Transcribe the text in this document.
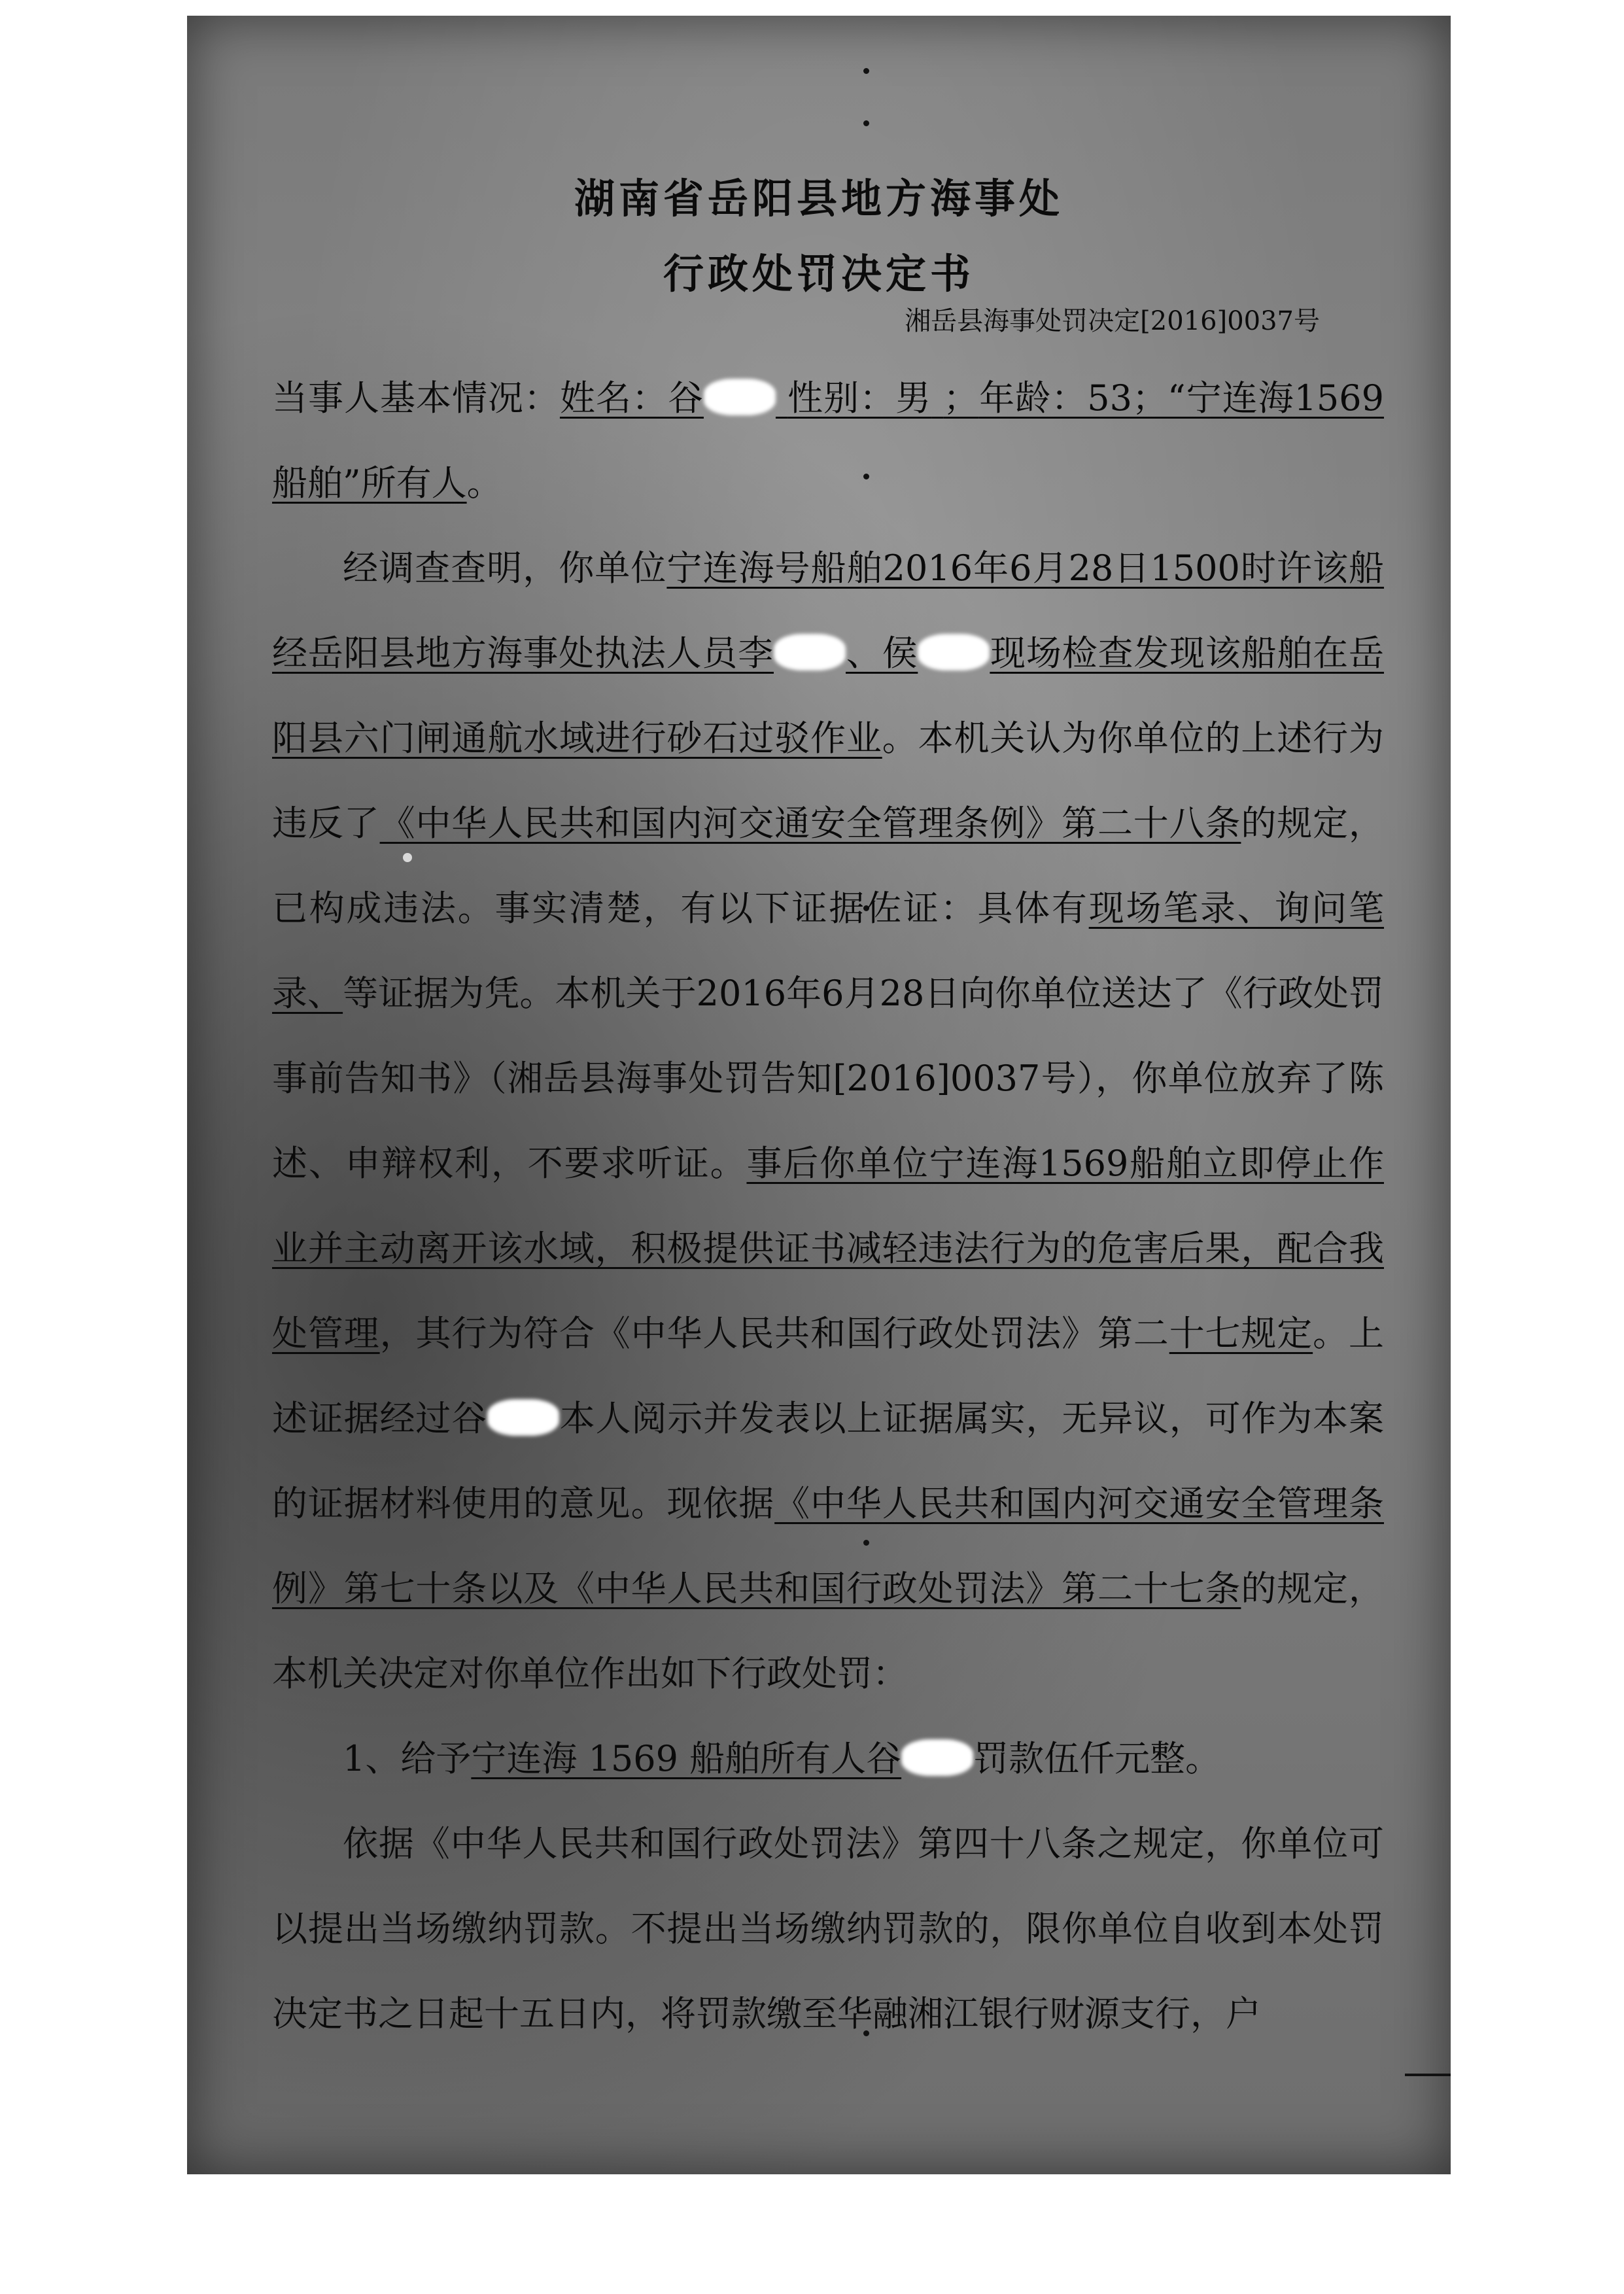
湖南省岳阳县地方海事处
行政处罚决定书

湘岳县海事处罚决定[2016]0037号

当事人基本情况：姓名：谷 性别：男 ；年龄：53；“宁连海1569船舶”所有人。

经调查查明，你单位宁连海号船舶2016年6月28日1500时许该船经岳阳县地方海事处执法人员李 、侯 现场检查发现该船舶在岳阳县六门闸通航水域进行砂石过驳作业。本机关认为你单位的上述行为违反了《中华人民共和国内河交通安全管理条例》第二十八条的规定，已构成违法。事实清楚，有以下证据佐证：具体有现场笔录、询问笔录、等证据为凭。本机关于2016年6月28日向你单位送达了《行政处罚事前告知书》（湘岳县海事处罚告知[2016]0037号），你单位放弃了陈述、申辩权利，不要求听证。事后你单位宁连海1569船舶立即停止作业并主动离开该水域，积极提供证书减轻违法行为的危害后果，配合我处管理，其行为符合《中华人民共和国行政处罚法》第二十七规定。上述证据经过谷 本人阅示并发表以上证据属实，无异议，可作为本案的证据材料使用的意见。现依据《中华人民共和国内河交通安全管理条例》第七十条以及《中华人民共和国行政处罚法》第二十七条的规定，本机关决定对你单位作出如下行政处罚：

1、给予宁连海 1569 船舶所有人谷 罚款伍仟元整。

依据《中华人民共和国行政处罚法》第四十八条之规定，你单位可以提出当场缴纳罚款。不提出当场缴纳罚款的，限你单位自收到本处罚决定书之日起十五日内，将罚款缴至华融湘江银行财源支行，户
